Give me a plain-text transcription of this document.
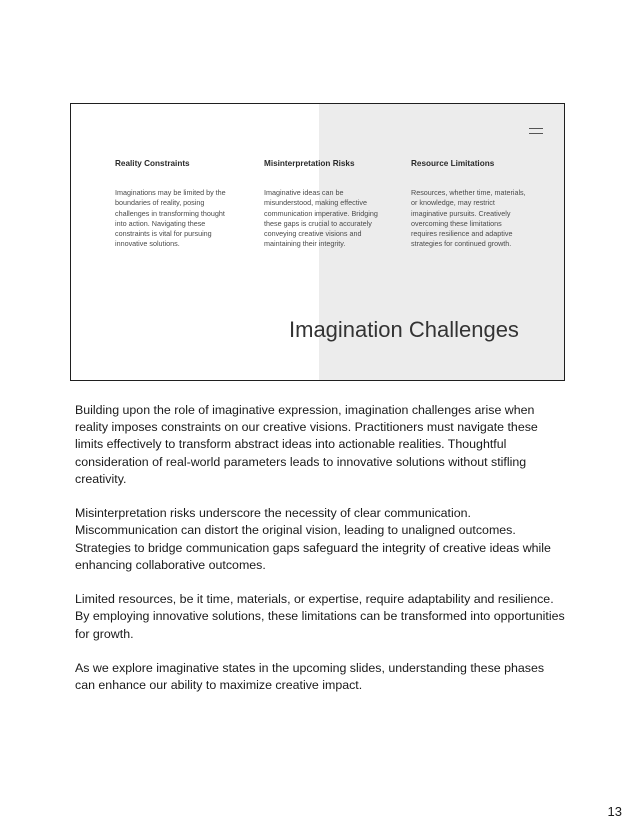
Reality Constraints

Imaginations may be limited by the boundaries of reality, posing challenges in transforming thought into action. Navigating these constraints is vital for pursuing innovative solutions.

Misinterpretation Risks

Imaginative ideas can be misunderstood, making effective communication imperative. Bridging these gaps is crucial to accurately conveying creative visions and maintaining their integrity.

Resource Limitations

Resources, whether time, materials, or knowledge, may restrict imaginative pursuits. Creatively overcoming these limitations requires resilience and adaptive strategies for continued growth.

Imagination Challenges

Building upon the role of imaginative expression, imagination challenges arise when reality imposes constraints on our creative visions. Practitioners must navigate these limits effectively to transform abstract ideas into actionable realities. Thoughtful consideration of real-world parameters leads to innovative solutions without stifling creativity.

Misinterpretation risks underscore the necessity of clear communication. Miscommunication can distort the original vision, leading to unaligned outcomes. Strategies to bridge communication gaps safeguard the integrity of creative ideas while enhancing collaborative outcomes.

Limited resources, be it time, materials, or expertise, require adaptability and resilience. By employing innovative solutions, these limitations can be transformed into opportunities for growth.

As we explore imaginative states in the upcoming slides, understanding these phases can enhance our ability to maximize creative impact.

13
